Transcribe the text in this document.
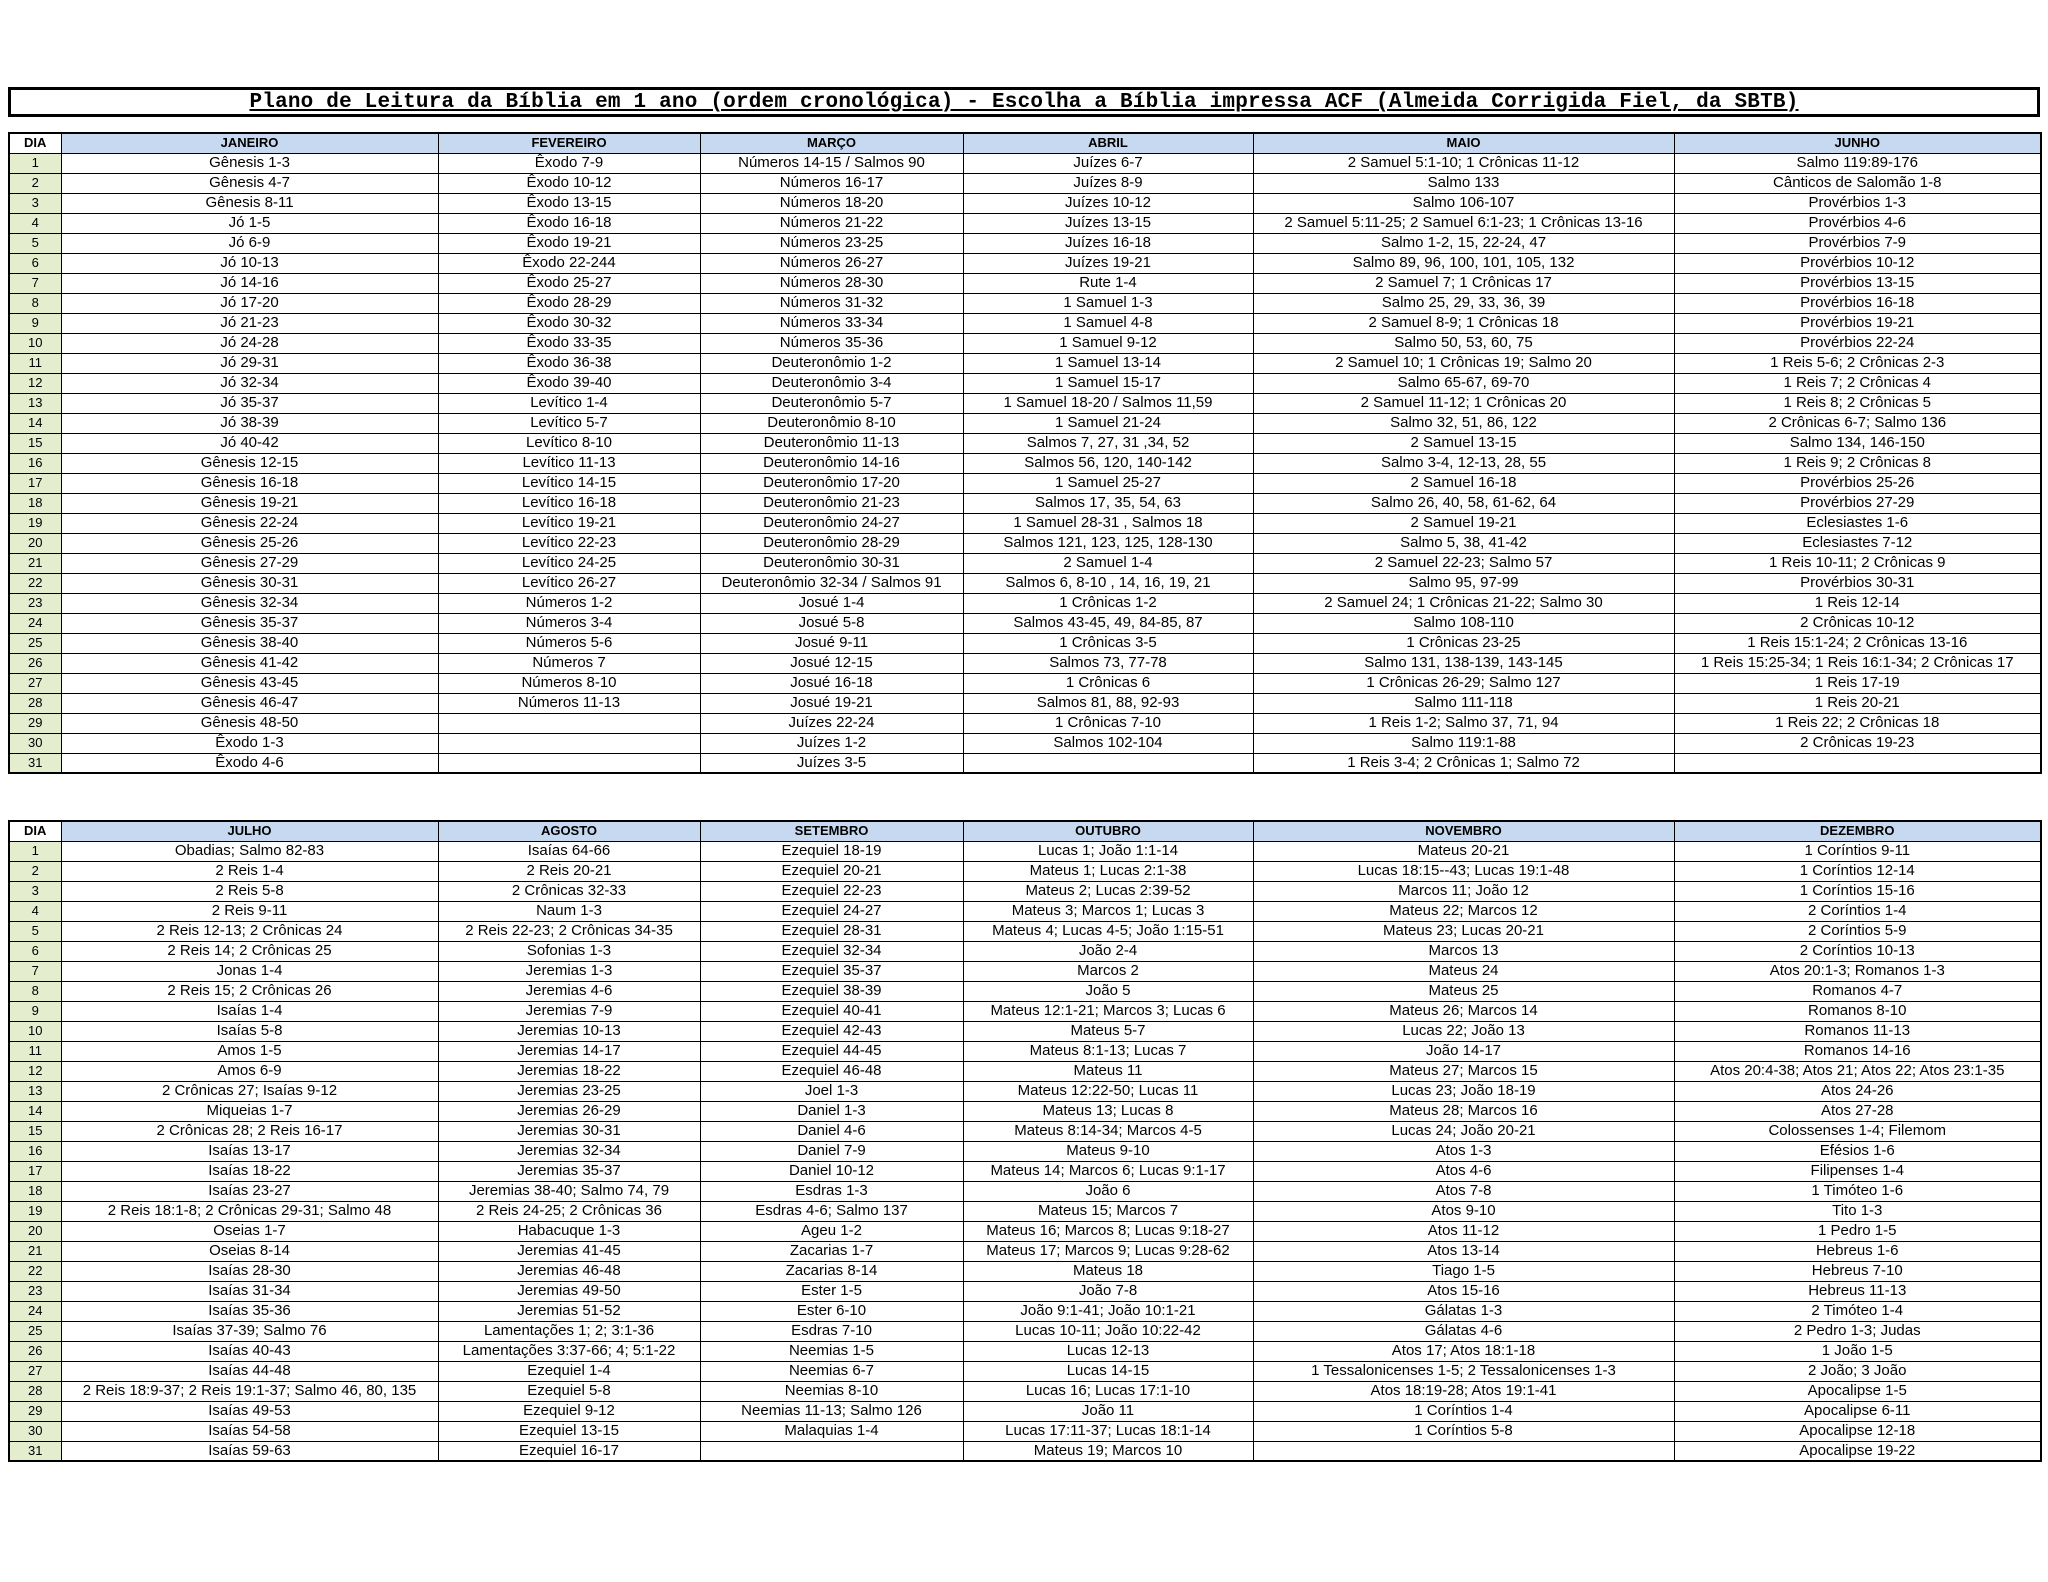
Plano de Leitura da Bíblia em 1 ano (ordem cronológica) - Escolha a Bíblia impressa ACF (Almeida Corrigida Fiel, da SBTB)
DIA	JANEIRO	FEVEREIRO	MARÇO	ABRIL	MAIO	JUNHO
1	Gênesis 1-3	Êxodo 7-9	Números 14-15 / Salmos 90	Juízes 6-7	2 Samuel 5:1-10; 1 Crônicas 11-12	Salmo 119:89-176
2	Gênesis 4-7	Êxodo 10-12	Números 16-17	Juízes 8-9	Salmo 133	Cânticos de Salomão 1-8
3	Gênesis 8-11	Êxodo 13-15	Números 18-20	Juízes 10-12	Salmo 106-107	Provérbios 1-3
4	Jó 1-5	Êxodo 16-18	Números 21-22	Juízes 13-15	2 Samuel 5:11-25; 2 Samuel 6:1-23; 1 Crônicas 13-16	Provérbios 4-6
5	Jó 6-9	Êxodo 19-21	Números 23-25	Juízes 16-18	Salmo 1-2, 15, 22-24, 47	Provérbios 7-9
6	Jó 10-13	Êxodo 22-244	Números 26-27	Juízes 19-21	Salmo 89, 96, 100, 101, 105, 132	Provérbios 10-12
7	Jó 14-16	Êxodo 25-27	Números 28-30	Rute 1-4	2 Samuel 7; 1 Crônicas 17	Provérbios 13-15
8	Jó 17-20	Êxodo 28-29	Números 31-32	1 Samuel 1-3	Salmo 25, 29, 33, 36, 39	Provérbios 16-18
9	Jó 21-23	Êxodo 30-32	Números 33-34	1 Samuel 4-8	2 Samuel 8-9; 1 Crônicas 18	Provérbios 19-21
10	Jó 24-28	Êxodo 33-35	Números 35-36	1 Samuel 9-12	Salmo 50, 53, 60, 75	Provérbios 22-24
11	Jó 29-31	Êxodo 36-38	Deuteronômio 1-2	1 Samuel 13-14	2 Samuel 10; 1 Crônicas 19; Salmo 20	1 Reis 5-6; 2 Crônicas 2-3
12	Jó 32-34	Êxodo 39-40	Deuteronômio 3-4	1 Samuel 15-17	Salmo 65-67, 69-70	1 Reis 7; 2 Crônicas 4
13	Jó 35-37	Levítico 1-4	Deuteronômio 5-7	1 Samuel 18-20 / Salmos 11,59	2 Samuel 11-12; 1 Crônicas 20	1 Reis 8; 2 Crônicas 5
14	Jó 38-39	Levítico 5-7	Deuteronômio 8-10	1 Samuel 21-24	Salmo 32, 51, 86, 122	2 Crônicas 6-7; Salmo 136
15	Jó 40-42	Levítico 8-10	Deuteronômio 11-13	Salmos 7, 27, 31 ,34, 52	2 Samuel 13-15	Salmo 134, 146-150
16	Gênesis 12-15	Levítico 11-13	Deuteronômio 14-16	Salmos 56, 120, 140-142	Salmo 3-4, 12-13, 28, 55	1 Reis 9; 2 Crônicas 8
17	Gênesis 16-18	Levítico 14-15	Deuteronômio 17-20	1 Samuel 25-27	2 Samuel 16-18	Provérbios 25-26
18	Gênesis 19-21	Levítico 16-18	Deuteronômio 21-23	Salmos 17, 35, 54, 63	Salmo 26, 40, 58, 61-62, 64	Provérbios 27-29
19	Gênesis 22-24	Levítico 19-21	Deuteronômio 24-27	1 Samuel 28-31 , Salmos 18	2 Samuel 19-21	Eclesiastes 1-6
20	Gênesis 25-26	Levítico 22-23	Deuteronômio 28-29	Salmos 121, 123, 125, 128-130	Salmo 5, 38, 41-42	Eclesiastes 7-12
21	Gênesis 27-29	Levítico 24-25	Deuteronômio 30-31	2 Samuel 1-4	2 Samuel 22-23; Salmo 57	1 Reis 10-11; 2 Crônicas 9
22	Gênesis 30-31	Levítico 26-27	Deuteronômio 32-34 / Salmos 91	Salmos 6, 8-10 , 14, 16, 19, 21	Salmo 95, 97-99	Provérbios 30-31
23	Gênesis 32-34	Números 1-2	Josué 1-4	1 Crônicas 1-2	2 Samuel 24; 1 Crônicas 21-22; Salmo 30	1 Reis 12-14
24	Gênesis 35-37	Números 3-4	Josué 5-8	Salmos 43-45, 49, 84-85, 87	Salmo 108-110	2 Crônicas 10-12
25	Gênesis 38-40	Números 5-6	Josué 9-11	1 Crônicas 3-5	1 Crônicas 23-25	1 Reis 15:1-24; 2 Crônicas 13-16
26	Gênesis 41-42	Números 7	Josué 12-15	Salmos 73, 77-78	Salmo 131, 138-139, 143-145	1 Reis 15:25-34; 1 Reis 16:1-34; 2 Crônicas 17
27	Gênesis 43-45	Números 8-10	Josué 16-18	1 Crônicas 6	1 Crônicas 26-29; Salmo 127	1 Reis 17-19
28	Gênesis 46-47	Números 11-13	Josué 19-21	Salmos 81, 88, 92-93	Salmo 111-118	1 Reis 20-21
29	Gênesis 48-50		Juízes 22-24	1 Crônicas 7-10	1 Reis 1-2; Salmo 37, 71, 94	1 Reis 22; 2 Crônicas 18
30	Êxodo 1-3		Juízes 1-2	Salmos 102-104	Salmo 119:1-88	2 Crônicas 19-23
31	Êxodo 4-6		Juízes 3-5		1 Reis 3-4; 2 Crônicas 1; Salmo 72	
DIA	JULHO	AGOSTO	SETEMBRO	OUTUBRO	NOVEMBRO	DEZEMBRO
1	Obadias; Salmo 82-83	Isaías 64-66	Ezequiel 18-19	Lucas 1; João 1:1-14	Mateus 20-21	1 Coríntios 9-11
2	2 Reis 1-4	2 Reis 20-21	Ezequiel 20-21	Mateus 1; Lucas 2:1-38	Lucas 18:15--43; Lucas 19:1-48	1 Coríntios 12-14
3	2 Reis 5-8	2 Crônicas 32-33	Ezequiel 22-23	Mateus 2; Lucas 2:39-52	Marcos 11; João 12	1 Coríntios 15-16
4	2 Reis 9-11	Naum 1-3	Ezequiel 24-27	Mateus 3; Marcos 1; Lucas 3	Mateus 22; Marcos 12	2 Coríntios 1-4
5	2 Reis 12-13; 2 Crônicas 24	2 Reis 22-23; 2 Crônicas 34-35	Ezequiel 28-31	Mateus 4; Lucas 4-5; João 1:15-51	Mateus 23; Lucas 20-21	2 Coríntios 5-9
6	2 Reis 14; 2 Crônicas 25	Sofonias 1-3	Ezequiel 32-34	João 2-4	Marcos 13	2 Coríntios 10-13
7	Jonas 1-4	Jeremias 1-3	Ezequiel 35-37	Marcos 2	Mateus 24	Atos 20:1-3; Romanos 1-3
8	2 Reis 15; 2 Crônicas 26	Jeremias 4-6	Ezequiel 38-39	João 5	Mateus 25	Romanos 4-7
9	Isaías 1-4	Jeremias 7-9	Ezequiel 40-41	Mateus 12:1-21; Marcos 3; Lucas 6	Mateus 26; Marcos 14	Romanos 8-10
10	Isaías 5-8	Jeremias 10-13	Ezequiel 42-43	Mateus 5-7	Lucas 22; João 13	Romanos 11-13
11	Amos 1-5	Jeremias 14-17	Ezequiel 44-45	Mateus 8:1-13; Lucas 7	João 14-17	Romanos 14-16
12	Amos 6-9	Jeremias 18-22	Ezequiel 46-48	Mateus 11	Mateus 27; Marcos 15	Atos 20:4-38; Atos 21; Atos 22; Atos 23:1-35
13	2 Crônicas 27; Isaías 9-12	Jeremias 23-25	Joel 1-3	Mateus 12:22-50; Lucas 11	Lucas 23; João 18-19	Atos 24-26
14	Miqueias 1-7	Jeremias 26-29	Daniel 1-3	Mateus 13; Lucas 8	Mateus 28; Marcos 16	Atos 27-28
15	2 Crônicas 28; 2 Reis 16-17	Jeremias 30-31	Daniel 4-6	Mateus 8:14-34; Marcos 4-5	Lucas 24; João 20-21	Colossenses 1-4; Filemom
16	Isaías 13-17	Jeremias 32-34	Daniel 7-9	Mateus 9-10	Atos 1-3	Efésios 1-6
17	Isaías 18-22	Jeremias 35-37	Daniel 10-12	Mateus 14; Marcos 6; Lucas 9:1-17	Atos 4-6	Filipenses 1-4
18	Isaías 23-27	Jeremias 38-40; Salmo 74, 79	Esdras 1-3	João 6	Atos 7-8	1 Timóteo 1-6
19	2 Reis 18:1-8; 2 Crônicas 29-31; Salmo 48	2 Reis 24-25; 2 Crônicas 36	Esdras 4-6; Salmo 137	Mateus 15; Marcos 7	Atos 9-10	Tito 1-3
20	Oseias 1-7	Habacuque 1-3	Ageu 1-2	Mateus 16; Marcos 8; Lucas 9:18-27	Atos 11-12	1 Pedro 1-5
21	Oseias 8-14	Jeremias 41-45	Zacarias 1-7	Mateus 17; Marcos 9; Lucas 9:28-62	Atos 13-14	Hebreus 1-6
22	Isaías 28-30	Jeremias 46-48	Zacarias 8-14	Mateus 18	Tiago 1-5	Hebreus 7-10
23	Isaías 31-34	Jeremias 49-50	Ester 1-5	João 7-8	Atos 15-16	Hebreus 11-13
24	Isaías 35-36	Jeremias 51-52	Ester 6-10	João 9:1-41; João 10:1-21	Gálatas 1-3	2 Timóteo 1-4
25	Isaías 37-39; Salmo 76	Lamentações 1; 2; 3:1-36	Esdras 7-10	Lucas 10-11; João 10:22-42	Gálatas 4-6	2 Pedro 1-3; Judas
26	Isaías 40-43	Lamentações 3:37-66; 4; 5:1-22	Neemias 1-5	Lucas 12-13	Atos 17; Atos 18:1-18	1 João 1-5
27	Isaías 44-48	Ezequiel 1-4	Neemias 6-7	Lucas 14-15	1 Tessalonicenses 1-5; 2 Tessalonicenses 1-3	2 João; 3 João
28	2 Reis 18:9-37; 2 Reis 19:1-37; Salmo 46, 80, 135	Ezequiel 5-8	Neemias 8-10	Lucas 16; Lucas 17:1-10	Atos 18:19-28; Atos 19:1-41	Apocalipse 1-5
29	Isaías 49-53	Ezequiel 9-12	Neemias 11-13; Salmo 126	João 11	1 Coríntios 1-4	Apocalipse 6-11
30	Isaías 54-58	Ezequiel 13-15	Malaquias 1-4	Lucas 17:11-37; Lucas 18:1-14	1 Coríntios 5-8	Apocalipse 12-18
31	Isaías 59-63	Ezequiel 16-17		Mateus 19; Marcos 10		Apocalipse 19-22
